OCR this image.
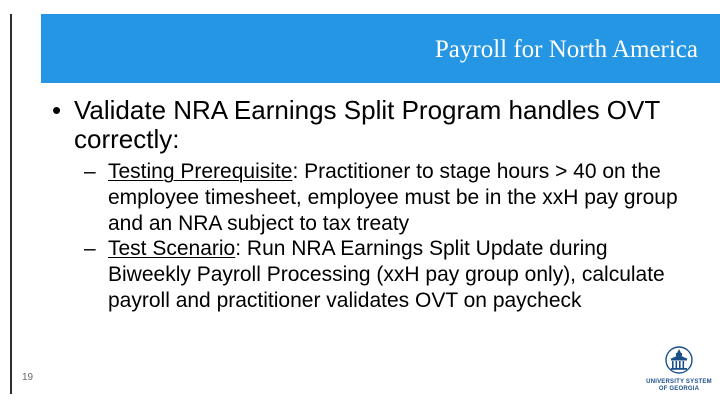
Payroll for North America
• Validate NRA Earnings Split Program handles OVT correctly:
– Testing Prerequisite: Practitioner to stage hours > 40 on the employee timesheet, employee must be in the xxH pay group and an NRA subject to tax treaty
– Test Scenario: Run NRA Earnings Split Update during Biweekly Payroll Processing (xxH pay group only), calculate payroll and practitioner validates OVT on paycheck
19	UNIVERSITY SYSTEM
OF GEORGIA
